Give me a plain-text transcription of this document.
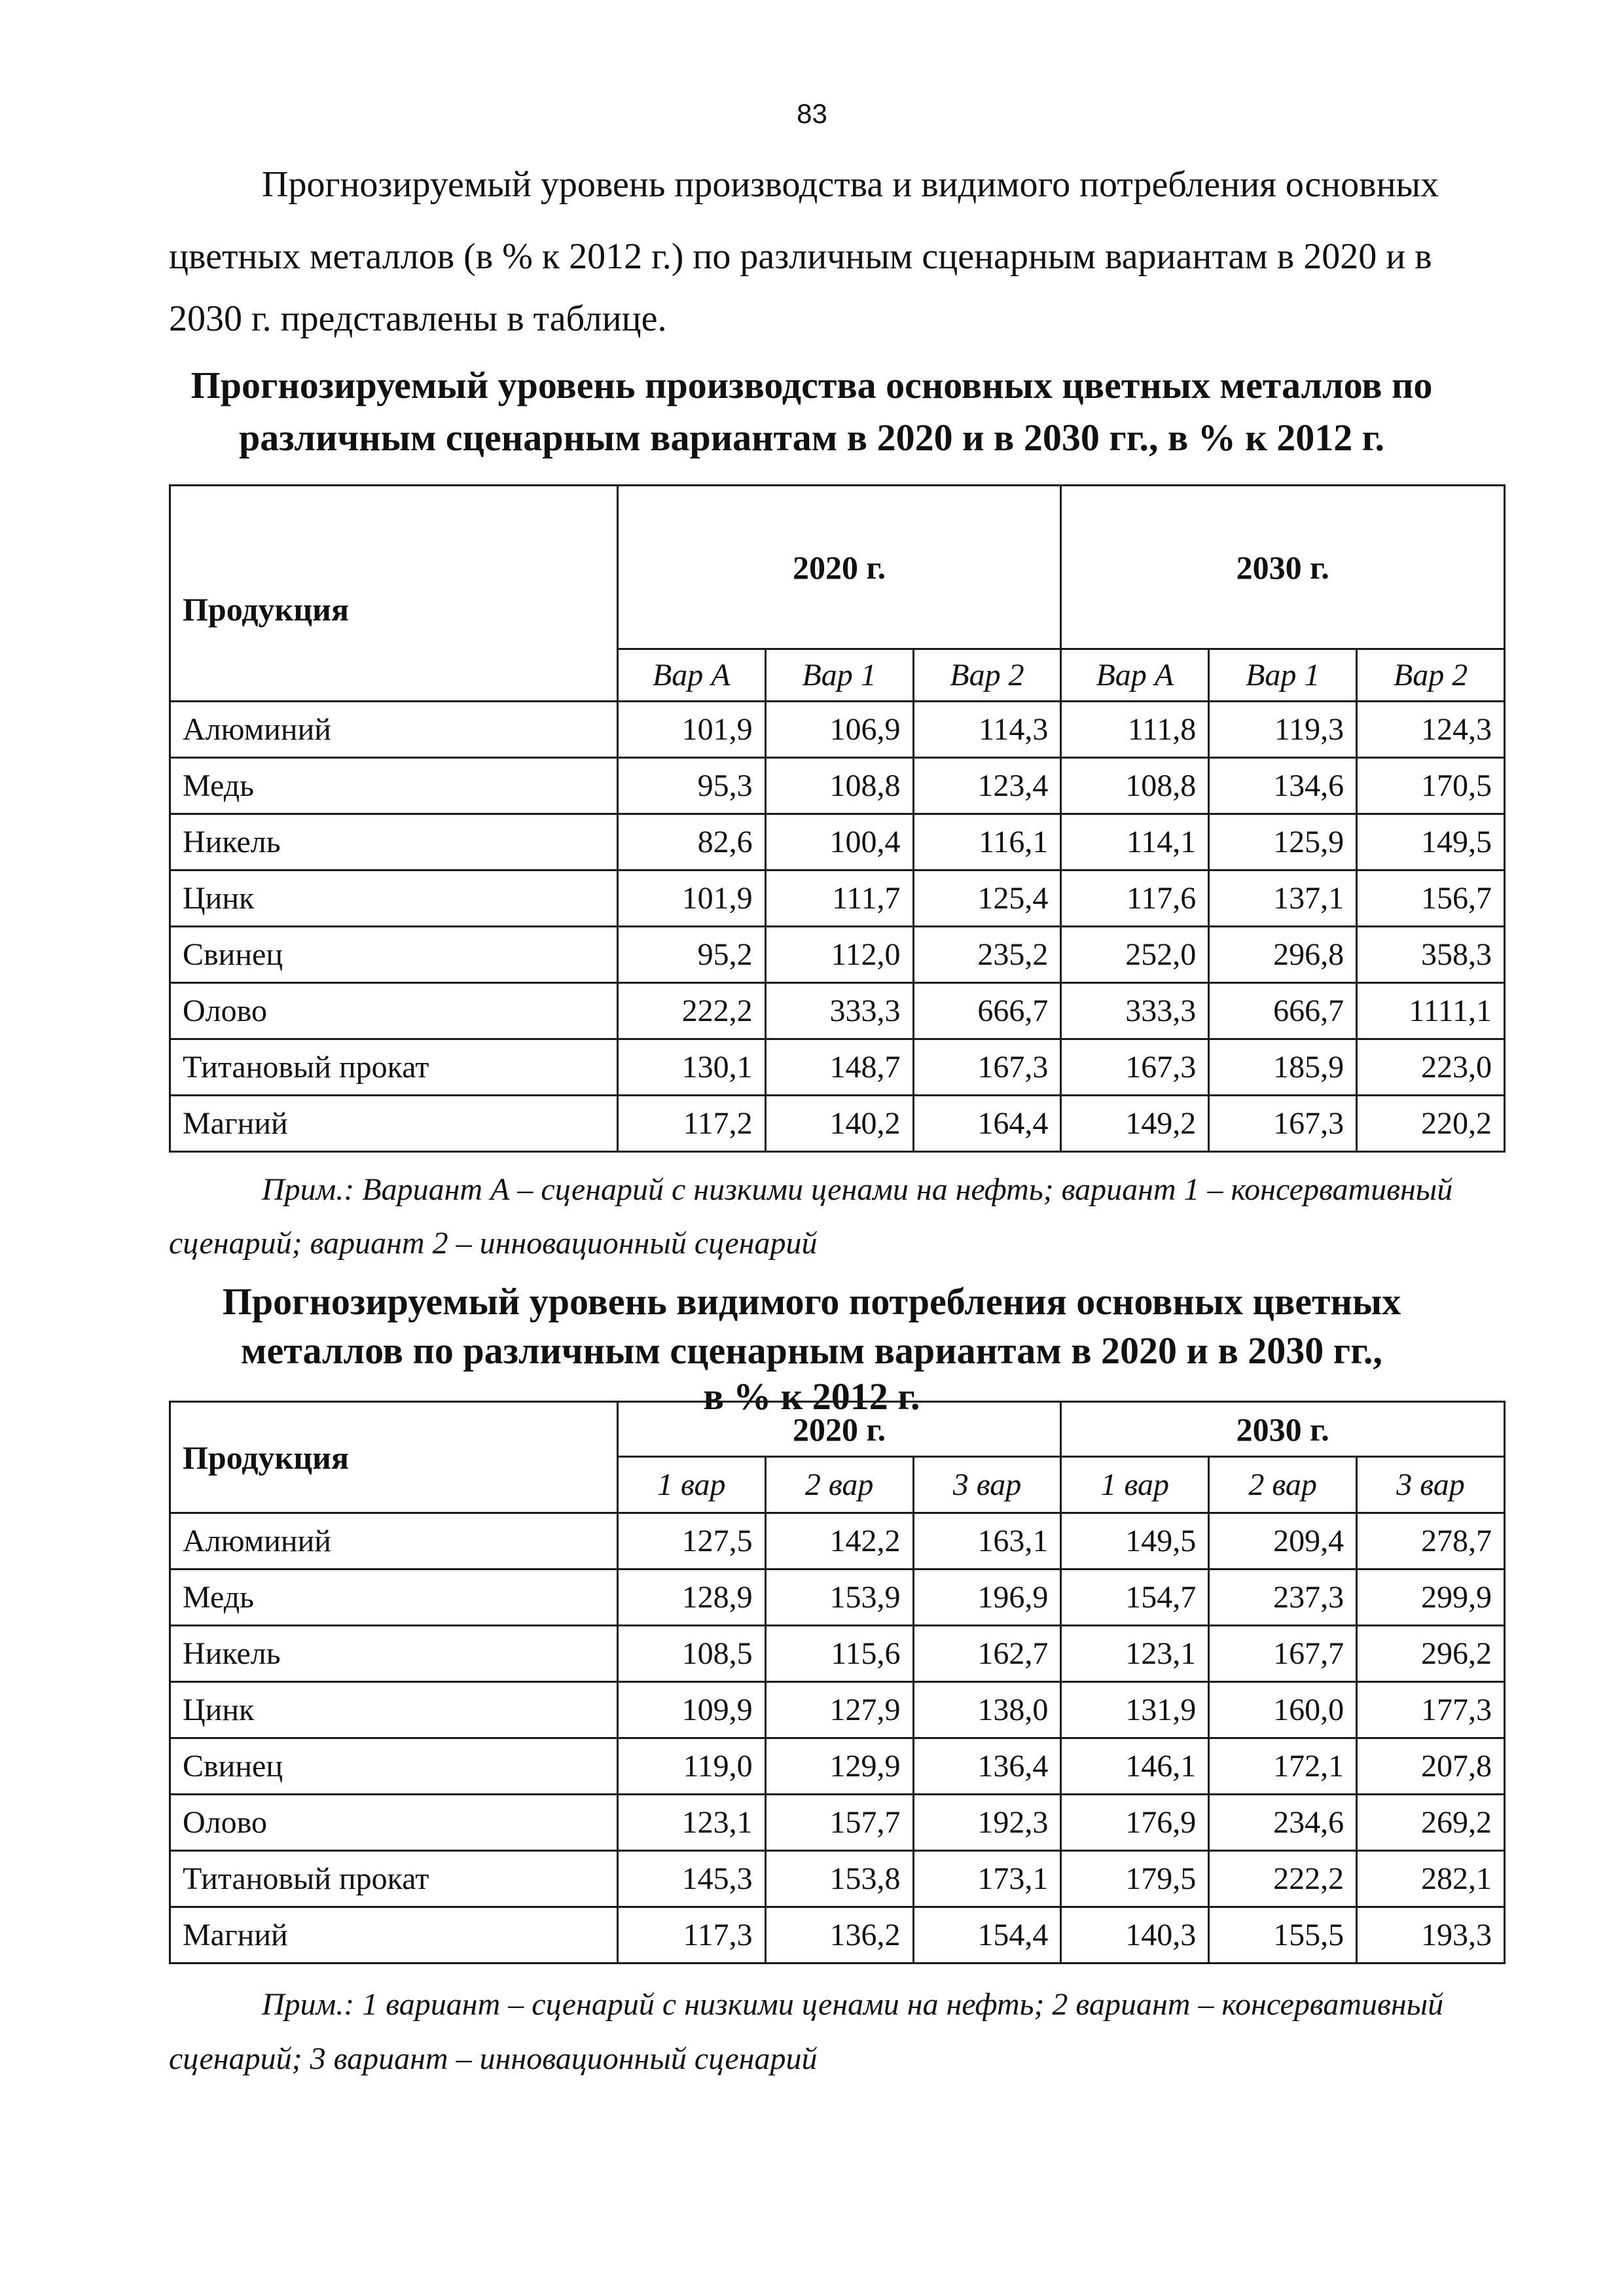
83
Прогнозируемый уровень производства и видимого потребления основных
цветных металлов (в % к 2012 г.) по различным сценарным вариантам в 2020 и в
2030 г. представлены в таблице.
Прогнозируемый уровень производства основных цветных металлов по
различным сценарным вариантам в 2020 и в 2030 гг., в % к 2012 г.
Продукция	2020 г.			2030 г.		
	Вар А	Вар 1	Вар 2	Вар А	Вар 1	Вар 2
Алюминий	101,9	106,9	114,3	111,8	119,3	124,3
Медь	95,3	108,8	123,4	108,8	134,6	170,5
Никель	82,6	100,4	116,1	114,1	125,9	149,5
Цинк	101,9	111,7	125,4	117,6	137,1	156,7
Свинец	95,2	112,0	235,2	252,0	296,8	358,3
Олово	222,2	333,3	666,7	333,3	666,7	1111,1
Титановый прокат	130,1	148,7	167,3	167,3	185,9	223,0
Магний	117,2	140,2	164,4	149,2	167,3	220,2
Прим.: Вариант А – сценарий с низкими ценами на нефть; вариант 1 – консервативный
сценарий; вариант 2 – инновационный сценарий
Прогнозируемый уровень видимого потребления основных цветных
металлов по различным сценарным вариантам в 2020 и в 2030 гг.,
в % к 2012 г.
Продукция	2020 г.			2030 г.		
	1 вар	2 вар	3 вар	1 вар	2 вар	3 вар
Алюминий	127,5	142,2	163,1	149,5	209,4	278,7
Медь	128,9	153,9	196,9	154,7	237,3	299,9
Никель	108,5	115,6	162,7	123,1	167,7	296,2
Цинк	109,9	127,9	138,0	131,9	160,0	177,3
Свинец	119,0	129,9	136,4	146,1	172,1	207,8
Олово	123,1	157,7	192,3	176,9	234,6	269,2
Титановый прокат	145,3	153,8	173,1	179,5	222,2	282,1
Магний	117,3	136,2	154,4	140,3	155,5	193,3
Прим.: 1 вариант – сценарий с низкими ценами на нефть; 2 вариант – консервативный
сценарий; 3 вариант – инновационный сценарий
